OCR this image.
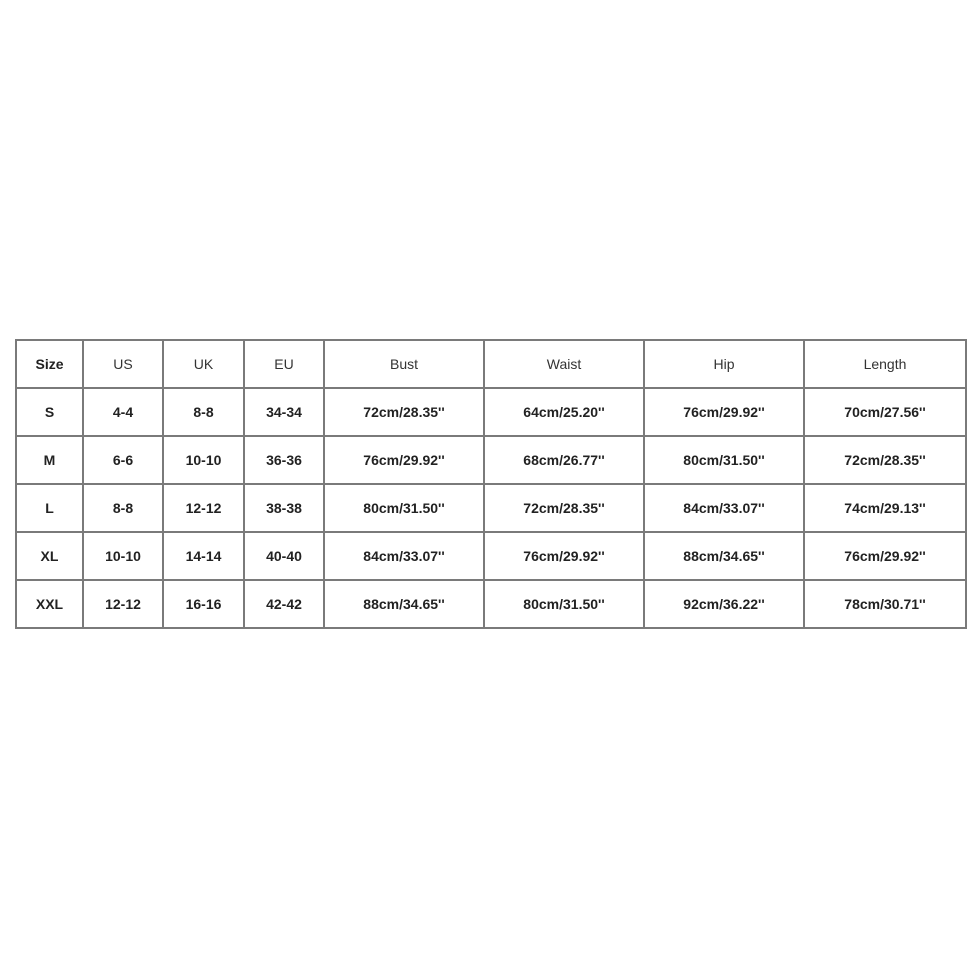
Size	US	UK	EU	Bust	Waist	Hip	Length
S	4-4	8-8	34-34	72cm/28.35''	64cm/25.20''	76cm/29.92''	70cm/27.56''
M	6-6	10-10	36-36	76cm/29.92''	68cm/26.77''	80cm/31.50''	72cm/28.35''
L	8-8	12-12	38-38	80cm/31.50''	72cm/28.35''	84cm/33.07''	74cm/29.13''
XL	10-10	14-14	40-40	84cm/33.07''	76cm/29.92''	88cm/34.65''	76cm/29.92''
XXL	12-12	16-16	42-42	88cm/34.65''	80cm/31.50''	92cm/36.22''	78cm/30.71''
